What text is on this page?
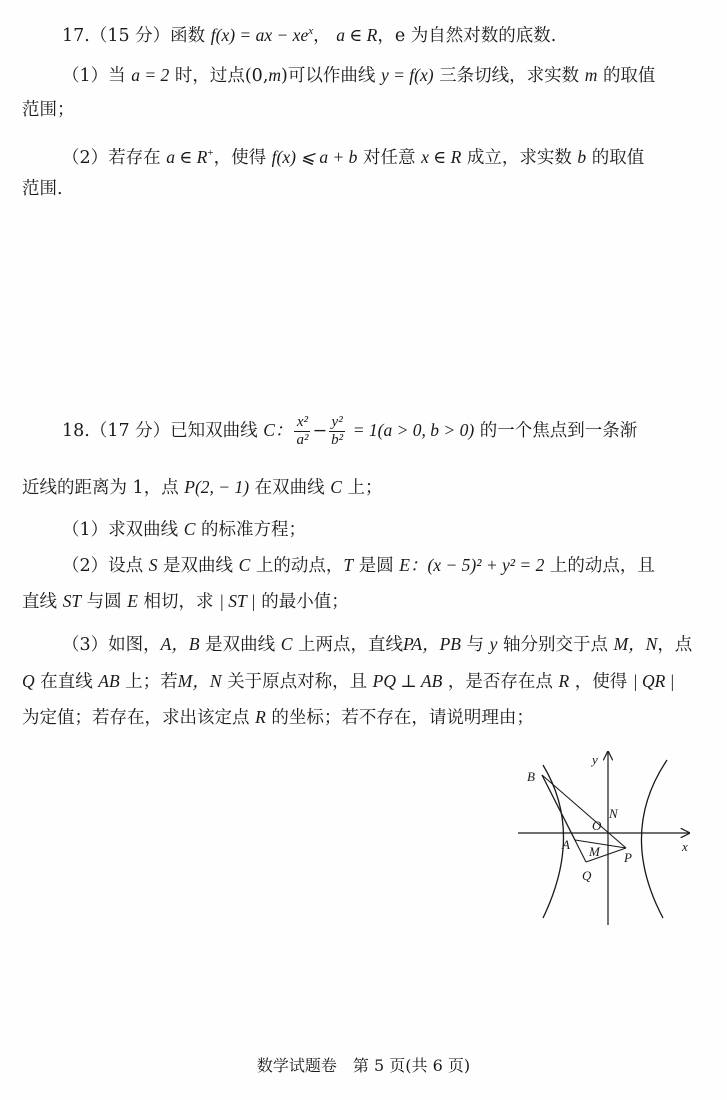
17.（15 分）函数 f(x) = ax − $xe^x$， a ∈ R，e 为自然对数的底数.
（1）当 a = 2 时，过点(0,m)可以作曲线 y = f(x) 三条切线，求实数 m 的取值
范围；
（2）若存在 a ∈ R+，使得 f(x) ⩽ a + b 对任意 x ∈ R 成立，求实数 b 的取值
范围.
18.（17 分）已知双曲线 C： $\frac{\text{x²}}{\text{a²}} - \frac{\text{y²}}{\text{b²}} = 1(a > 0$, b > 0) 的一个焦点到一条渐
近线的距离为 1，点 P(2, − 1) 在双曲线 C 上；
（1）求双曲线 C 的标准方程；
（2）设点 S 是双曲线 C 上的动点，T 是圆 E：(x − 5)² + y² = 2 上的动点，且
直线 ST 与圆 E 相切，求 | ST | 的最小值；
（3）如图，A，B 是双曲线 C 上两点，直线PA，PB 与 y 轴分别交于点 M，N，点
Q 在直线 AB 上；若M，N 关于原点对称，且 PQ ⊥ AB ，是否存在点 R ，使得 | QR |
为定值；若存在，求出该定点 R 的坐标；若不存在，请说明理由；
y
x
B
N
O
A M P
Q
数学试题卷　第 5 页(共 6 页)
